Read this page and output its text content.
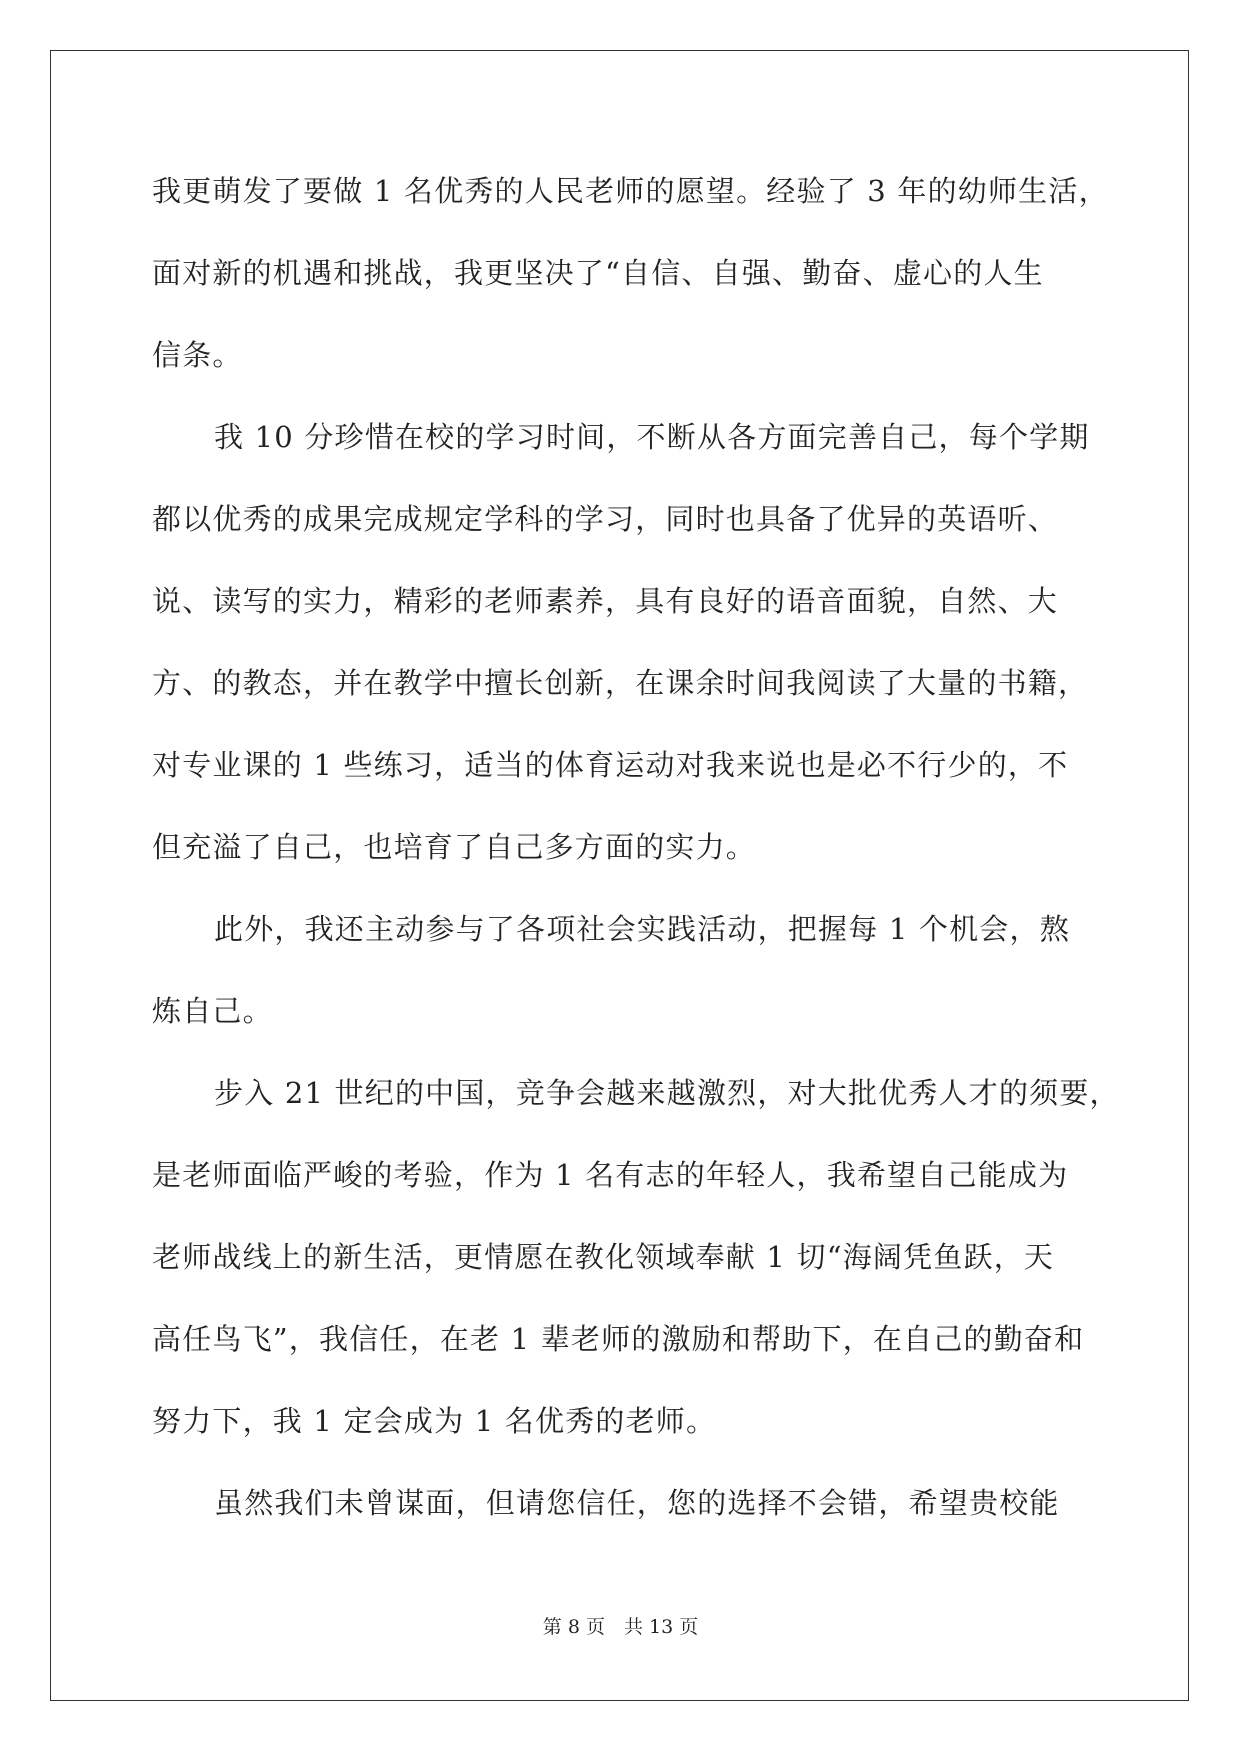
我更萌发了要做 1 名优秀的人民老师的愿望。经验了 3 年的幼师生活，

面对新的机遇和挑战，我更坚决了“自信、自强、勤奋、虚心的人生

信条。

我 10 分珍惜在校的学习时间，不断从各方面完善自己，每个学期

都以优秀的成果完成规定学科的学习，同时也具备了优异的英语听、

说、读写的实力，精彩的老师素养，具有良好的语音面貌，自然、大

方、的教态，并在教学中擅长创新，在课余时间我阅读了大量的书籍，

对专业课的 1 些练习，适当的体育运动对我来说也是必不行少的，不

但充溢了自己，也培育了自己多方面的实力。

此外，我还主动参与了各项社会实践活动，把握每 1 个机会，熬

炼自己。

步入 21 世纪的中国，竞争会越来越激烈，对大批优秀人才的须要，

是老师面临严峻的考验，作为 1 名有志的年轻人，我希望自己能成为

老师战线上的新生活，更情愿在教化领域奉献 1 切“海阔凭鱼跃，天

高任鸟飞”，我信任，在老 1 辈老师的激励和帮助下，在自己的勤奋和

努力下，我 1 定会成为 1 名优秀的老师。

虽然我们未曾谋面，但请您信任，您的选择不会错，希望贵校能

第 8 页　共 13 页
